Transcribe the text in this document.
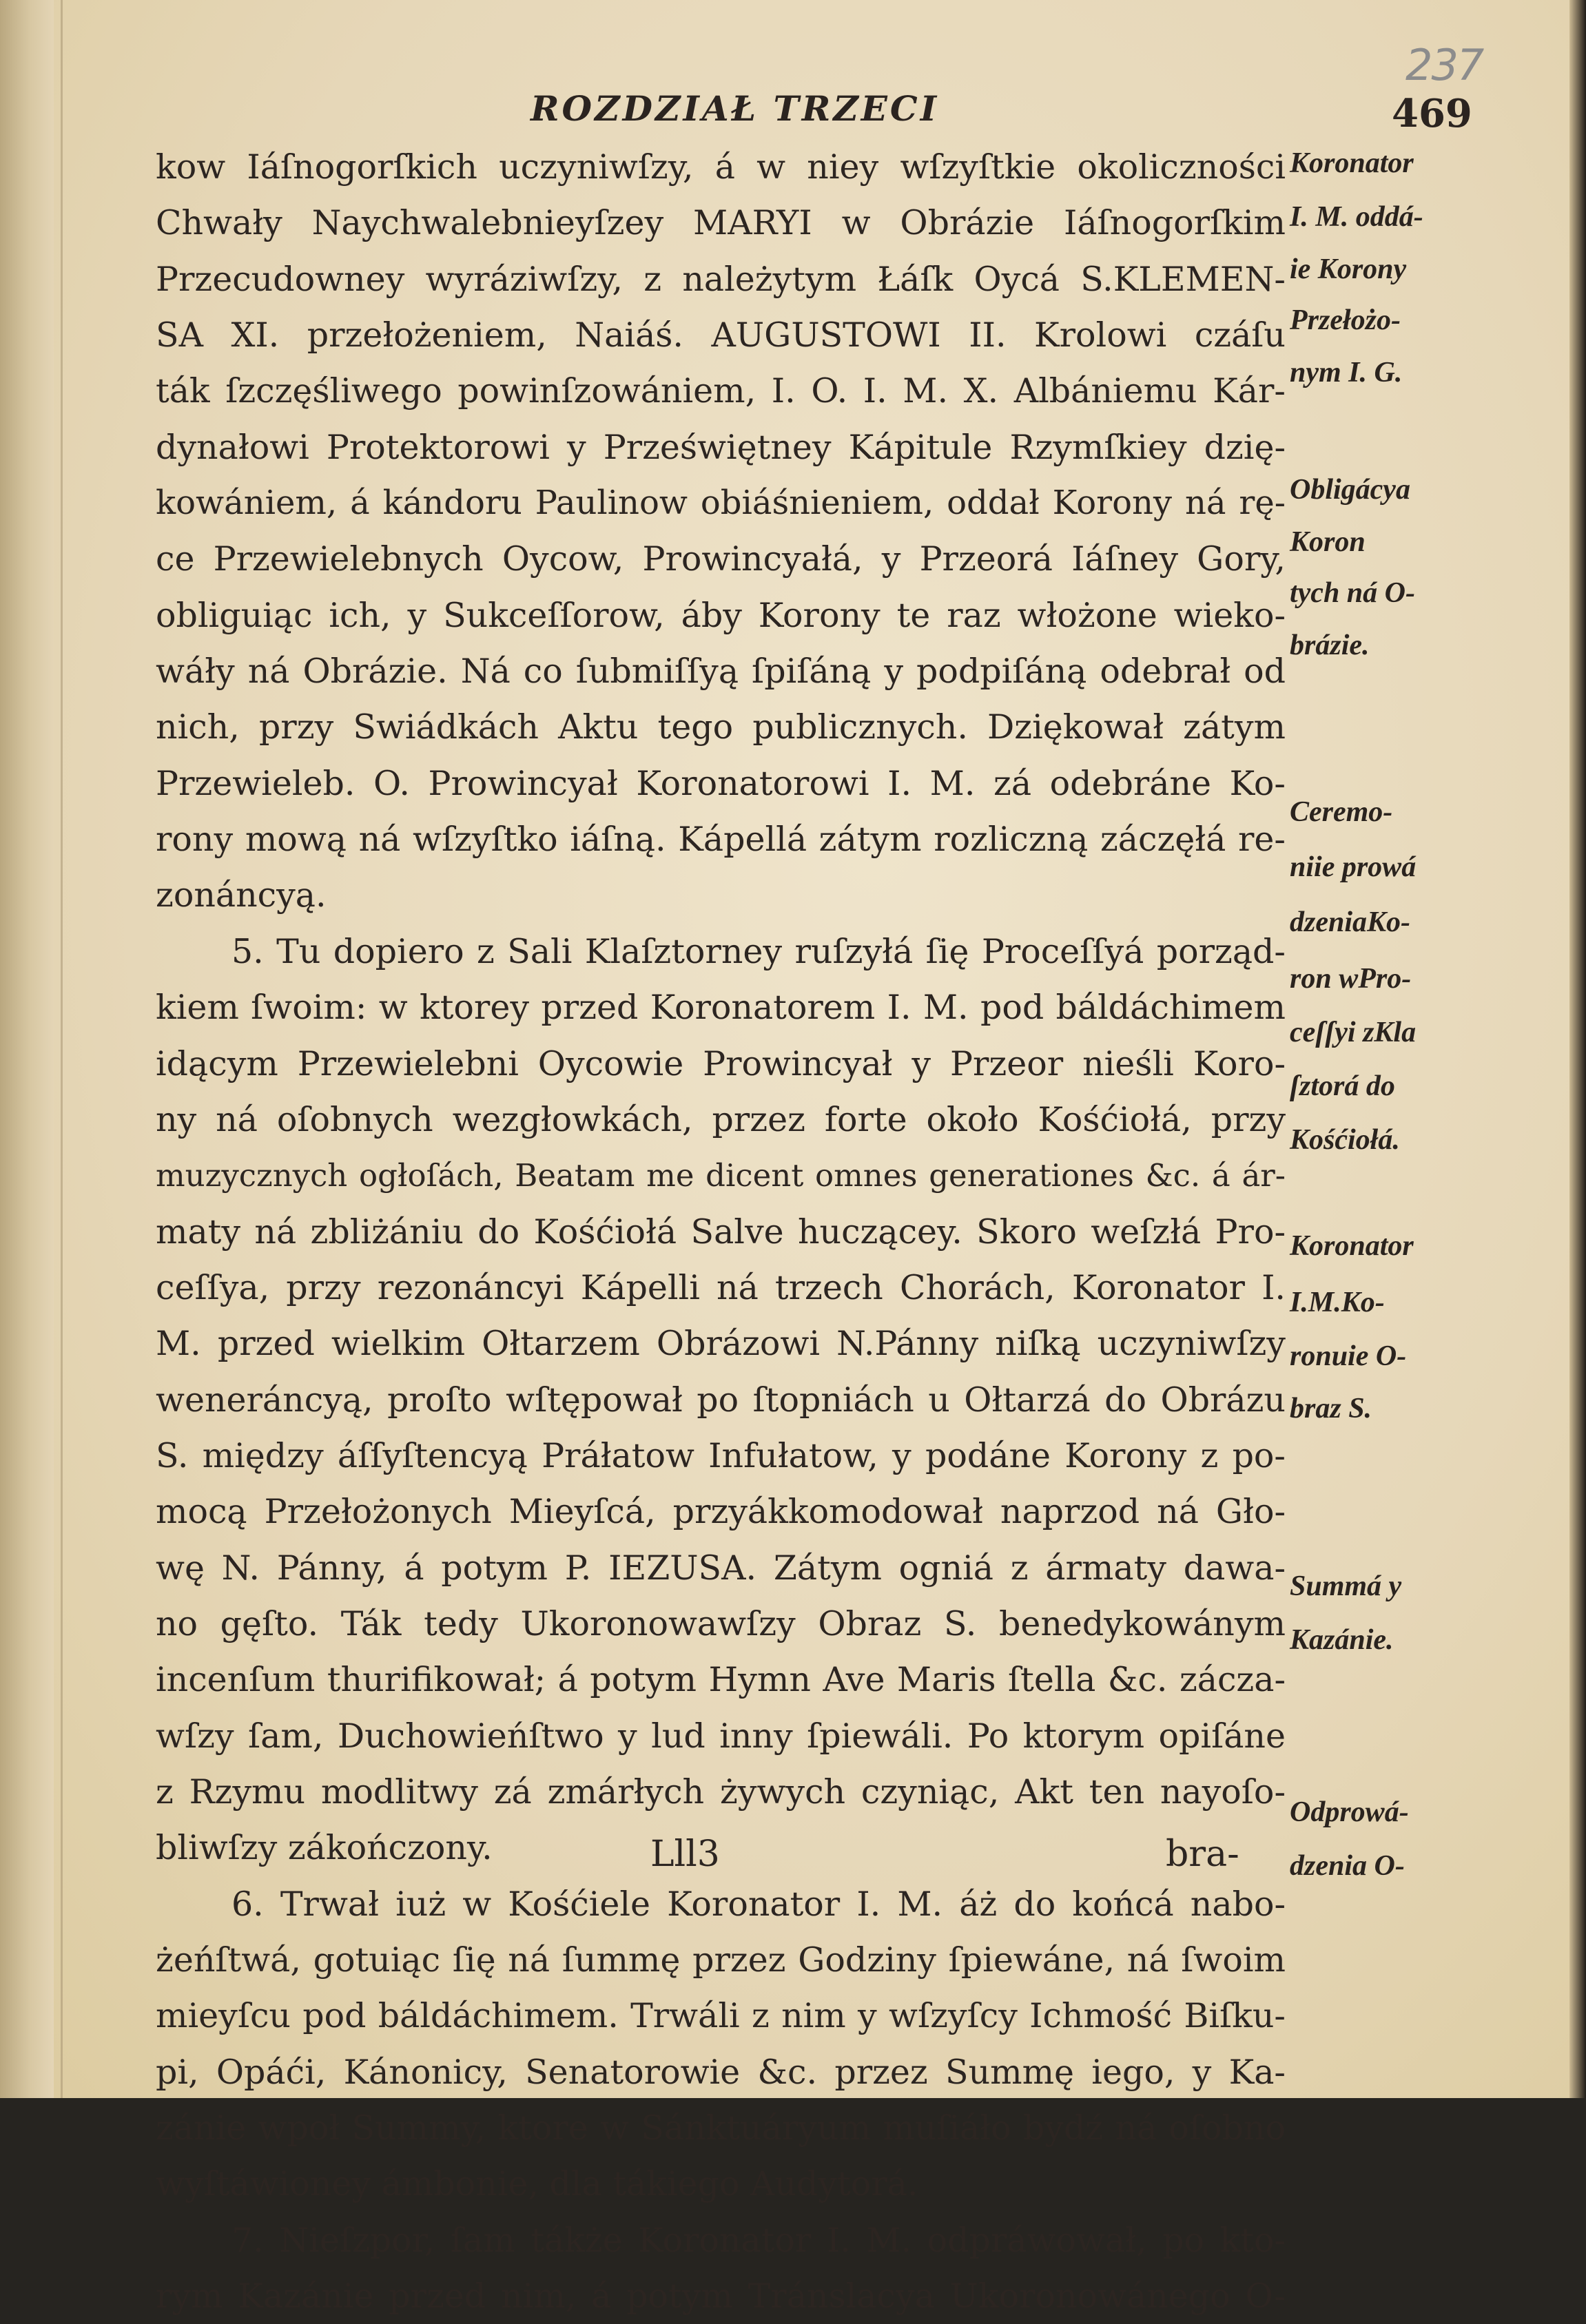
237
ROZDZIAŁ TRZECI	469
kow Iáſnogorſkich uczyniwſzy, á w niey wſzyſtkie okoliczności
Chwały Naychwalebnieyſzey MARYI w Obrázie Iáſnogorſkim
Przecudowney wyráziwſzy, z należytym Łáſk Oycá S.KLEMEN-
SA XI. przełożeniem, Naiáś. AUGUSTOWI II. Krolowi czáſu
ták ſzczęśliwego powinſzowániem, I. O. I. M. X. Albániemu Kár-
dynałowi Protektorowi y Przeświętney Kápitule Rzymſkiey dzię-
kowániem, á kándoru Paulinow obiáśnieniem, oddał Korony ná rę-
ce Przewielebnych Oycow, Prowincyałá, y Przeorá Iáſney Gory,
obliguiąc ich, y Sukceſſorow, áby Korony te raz włożone wieko-
wáły ná Obrázie. Ná co ſubmiſſyą ſpiſáną y podpiſáną odebrał od
nich, przy Swiádkách Aktu tego publicznych. Dziękował zátym
Przewieleb. O. Prowincyał Koronatorowi I. M. zá odebráne Ko-
rony mową ná wſzyſtko iáſną. Kápellá zátym rozliczną záczęłá re-
zonáncyą.
5. Tu dopiero z Sali Klaſztorney ruſzyłá ſię Proceſſyá porząd-
kiem ſwoim: w ktorey przed Koronatorem I. M. pod báldáchimem
idącym Przewielebni Oycowie Prowincyał y Przeor nieśli Koro-
ny ná oſobnych wezgłowkách, przez forte około Kośćiołá, przy
muzycznych ogłoſách, Beatam me dicent omnes generationes &c. á ár-
maty ná zbliżániu do Kośćiołá Salve huczącey. Skoro weſzłá Pro-
ceſſya, przy rezonáncyi Kápelli ná trzech Chorách, Koronator I.
M. przed wielkim Ołtarzem Obrázowi N.Pánny niſką uczyniwſzy
weneráncyą, proſto wſtępował po ſtopniách u Ołtarzá do Obrázu
S. między áſſyſtencyą Práłatow Infułatow, y podáne Korony z po-
mocą Przełożonych Mieyſcá, przyákkomodował naprzod ná Gło-
wę N. Pánny, á potym P. IEZUSA. Zátym ogniá z ármaty dawa-
no gęſto. Ták tedy Ukoronowawſzy Obraz S. benedykowánym
incenſum thurifikował; á potym Hymn Ave Maris ſtella &c. zácza-
wſzy ſam, Duchowieńſtwo y lud inny ſpiewáli. Po ktorym opiſáne
z Rzymu modlitwy zá zmárłych żywych czyniąc, Akt ten nayoſo-
bliwſzy zákończony.
6. Trwał iuż w Kośćiele Koronator I. M. áż do końcá nabo-
żeńſtwá, gotuiąc ſię ná ſummę przez Godziny ſpiewáne, ná ſwoim
mieyſcu pod báldáchimem. Trwáli z nim y wſzyſcy Ichmość Biſku-
pi, Opáći, Kánonicy, Senatorowie &c. przez Summę iego, y Ka-
zánie wpoł Summy, ktore w Sánktuáryum muſiáło bydź ná oſobno
wyſtáwioney ámbonie, dla tákiego Audytorá.
7. Nieſzpor, ſam tákże Koronator I. M. odpráwował, po kto-
rym Kazánie przed nim, á potym Tránslacya Ukoronowánego O-
Koronator
I. M. oddá-
ie Korony
Przełożo-
nym I. G.
Obligácya
Koron
tych ná O-
brázie.
Ceremo-
niie prowá
dzeniaKo-
ron wPro-
ceſſyi zKla
ſztorá do
Kośćiołá.
Koronator
I.M.Ko-
ronuie O-
braz S.
Summá y
Kazánie.
Odprowá-
dzenia O-
Lll3	bra-
